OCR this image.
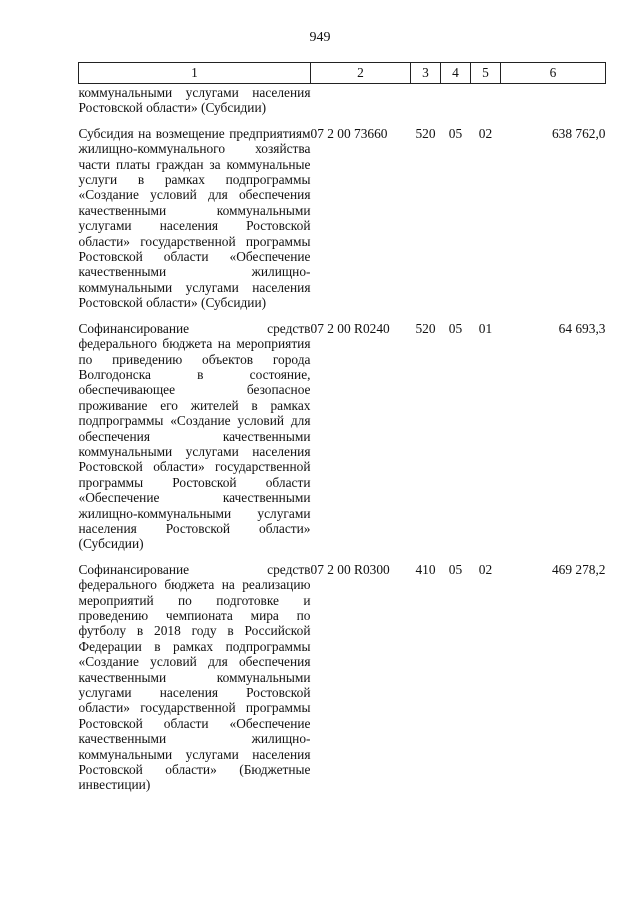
949
1	2	3	4	5	6
коммунальными услугами населения Ростовской области» (Субсидии)					
Субсидия на возмещение предприятиям жилищно-коммунального хозяйства части платы граждан за коммунальные услуги в рамках подпрограммы «Создание условий для обеспечения качественными коммунальными услугами населения Ростовской области» государственной программы Ростовской области «Обеспечение качественными жилищно-коммунальными услугами населения Ростовской области» (Субсидии)	07 2 00 73660	520	05	02	638 762,0
Софинансирование средств федерального бюджета на мероприятия по приведению объектов города Волгодонска в состояние, обеспечивающее безопасное проживание его жителей в рамках подпрограммы «Создание условий для обеспечения качественными коммунальными услугами населения Ростовской области» государственной программы Ростовской области «Обеспечение качественными жилищно-коммунальными услугами населения Ростовской области» (Субсидии)	07 2 00 R0240	520	05	01	64 693,3
Софинансирование средств федерального бюджета на реализацию мероприятий по подготовке и проведению чемпионата мира по футболу в 2018 году в Российской Федерации в рамках подпрограммы «Создание условий для обеспечения качественными коммунальными услугами населения Ростовской области» государственной программы Ростовской области «Обеспечение качественными жилищно-коммунальными услугами населения Ростовской области» (Бюджетные инвестиции)	07 2 00 R0300	410	05	02	469 278,2
